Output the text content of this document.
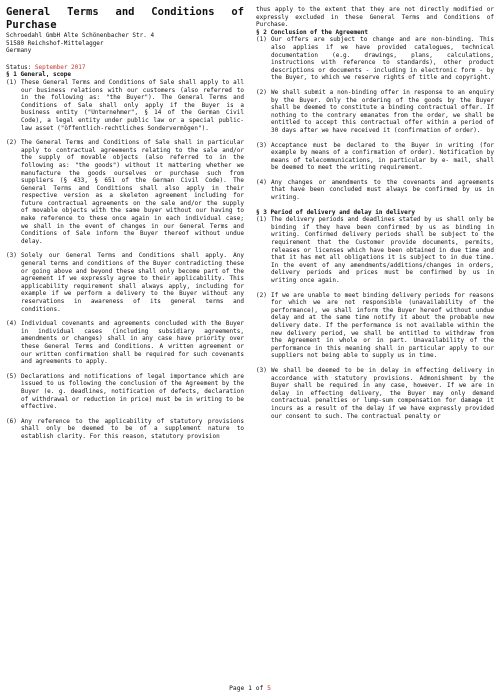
General Terms and Conditions of Purchase

Schroedahl GmbH Alte Schönenbacher Str. 4

51580 Reichshof-Mittelagger

Germany

Status: September 2017

§ 1 General, scope

(1) These General Terms and Conditions of Sale shall apply to all our business relations with our customers (also referred to in the following as: "the Buyer"). The General Terms and Conditions of Sale shall only apply if the Buyer is a business entity ("Unternehmer", § 14 of the German Civil Code), a legal entity under public law or a special public-law asset ("öffentlich-rechtliches Sondervermögen").
(2) The General Terms and Conditions of Sale shall in particular apply to contractual agreements relating to the sale and/or the supply of movable objects (also referred to in the following as: "the goods") without it mattering whether we manufacture the goods ourselves or purchase such from suppliers (§ 433, § 651 of the German Civil Code). The General Terms and Conditions shall also apply in their respective version as a skeleton agreement including for future contractual agreements on the sale and/or the supply of movable objects with the same buyer without our having to make reference to these once again in each individual case; we shall in the event of changes in our General Terms and Conditions of Sale inform the Buyer thereof without undue delay.
(3) Solely our General Terms and Conditions shall apply. Any general terms and conditions of the Buyer contradicting these or going above and beyond these shall only become part of the agreement if we expressly agree to their applicability. This applicability requirement shall always apply, including for example if we perform a delivery to the Buyer without any reservations in awareness of its general terms and conditions.
(4) Individual covenants and agreements concluded with the Buyer in individual cases (including subsidiary agreements, amendments or changes) shall in any case have priority over these General Terms and Conditions. A written agreement or our written confirmation shall be required for such covenants and agreements to apply.
(5) Declarations and notifications of legal importance which are issued to us following the conclusion of the Agreement by the Buyer (e. g. deadlines, notification of defects, declaration of withdrawal or reduction in price) must be in writing to be effective.
(6) Any reference to the applicability of statutory provisions shall only be deemed to be of a supplement nature to establish clarity. For this reason, statutory provision

thus apply to the extent that they are not directly modified or expressly excluded in these General Terms and Conditions of Purchase.

§ 2 Conclusion of the Agreement

(1) Our offers are subject to change and are non-binding. This also applies if we have provided catalogues, technical documentation (e.g. drawings, plans, calculations, instructions with reference to standards), other product descriptions or documents - including in electronic form - by the Buyer, to which we reserve rights of title and copyright.
(2) We shall submit a non-binding offer in response to an enquiry by the Buyer. Only the ordering of the goods by the Buyer shall be deemed to constitute a binding contractual offer. If nothing to the contrary emanates from the order, we shall be entitled to accept this contractual offer within a period of 30 days after we have received it (confirmation of order).
(3) Acceptance must be declared to the Buyer in writing (for example by means of a confirmation of order). Notification by means of telecommunications, in particular by e- mail, shall be deemed to meet the writing requirement.
(4) Any changes or amendments to the covenants and agreements that have been concluded must always be confirmed by us in writing.

§ 3 Period of delivery and delay in delivery

(1) The delivery periods and deadlines stated by us shall only be binding if they have been confirmed by us as binding in writing. Confirmed delivery periods shall be subject to the requirement that the Customer provide documents, permits, releases or licenses which have been obtained in due time and that it has met all obligations it is subject to in due time. In the event of any amendments/additions/changes in orders, delivery periods and prices must be confirmed by us in writing once again.
(2) If we are unable to meet binding delivery periods for reasons for which we are not responsible (unavailability of the performance), we shall inform the Buyer hereof without undue delay and at the same time notify it about the probable new delivery date. If the performance is not available within the new delivery period, we shall be entitled to withdraw from the Agreement in whole or in part. Unavailability of the performance in this meaning shall in particular apply to our suppliers not being able to supply us in time.
(3) We shall be deemed to be in delay in effecting delivery in accordance with statutory provisions. Admonishment by the Buyer shall be required in any case, however. If we are in delay in effecting delivery, the Buyer may only demand contractual penalties or lump-sum compensation for damage it incurs as a result of the delay if we have expressly provided our consent to such. The contractual penalty or
Page 1 of 5
